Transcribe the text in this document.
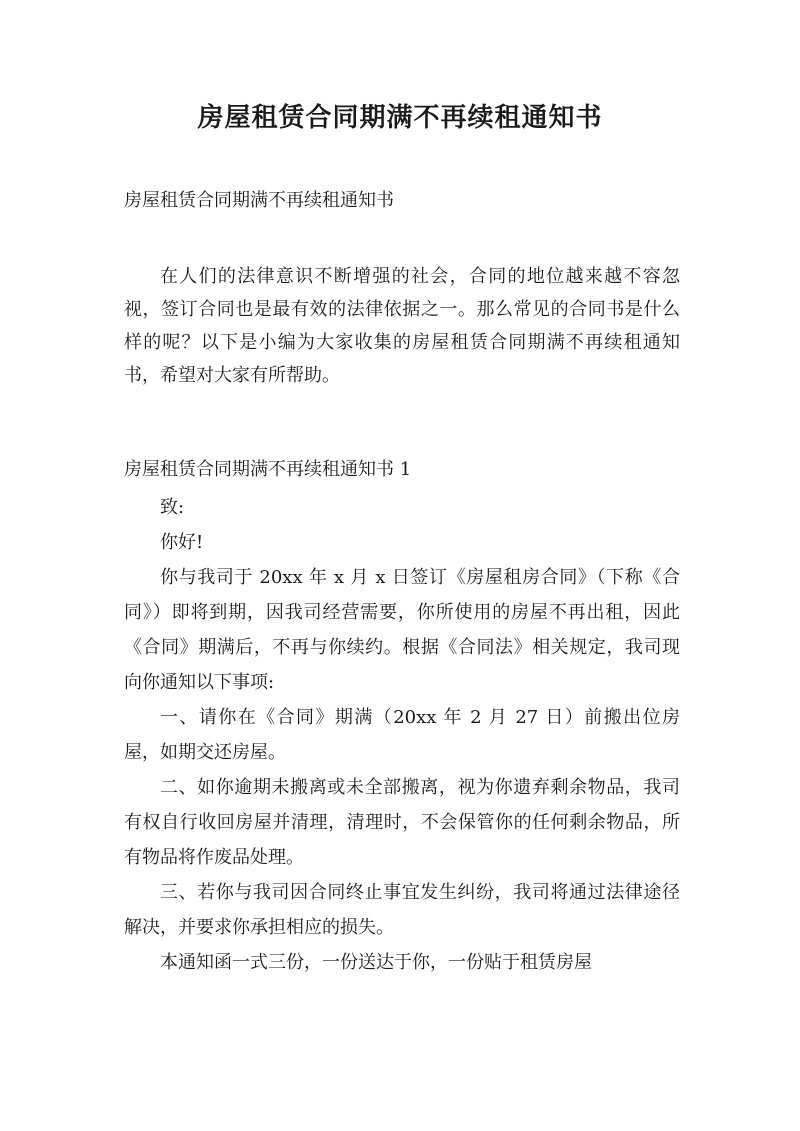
房屋租赁合同期满不再续租通知书

房屋租赁合同期满不再续租通知书

在人们的法律意识不断增强的社会，合同的地位越来越不容忽视，签订合同也是最有效的法律依据之一。那么常见的合同书是什么样的呢？以下是小编为大家收集的房屋租赁合同期满不再续租通知书，希望对大家有所帮助。

房屋租赁合同期满不再续租通知书 1

致:

你好!

你与我司于 20xx 年 x 月 x 日签订《房屋租房合同》（下称《合同》）即将到期，因我司经营需要，你所使用的房屋不再出租，因此《合同》期满后，不再与你续约。根据《合同法》相关规定，我司现向你通知以下事项:

一、请你在《合同》期满（20xx 年 2 月 27 日）前搬出位房屋，如期交还房屋。

二、如你逾期未搬离或未全部搬离，视为你遗弃剩余物品，我司有权自行收回房屋并清理，清理时，不会保管你的任何剩余物品，所有物品将作废品处理。

三、若你与我司因合同终止事宜发生纠纷，我司将通过法律途径解决，并要求你承担相应的损失。

本通知函一式三份，一份送达于你，一份贴于租赁房屋
